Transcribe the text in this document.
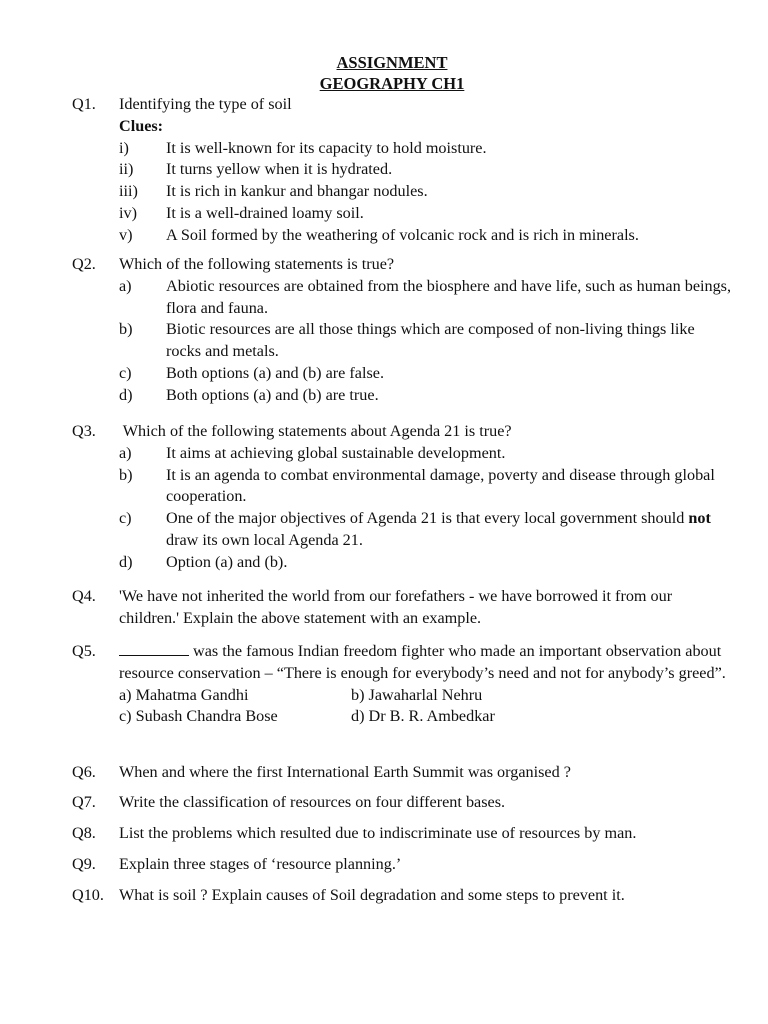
ASSIGNMENT
GEOGRAPHY CH1
Q1.	Identifying the type of soil
Clues:
i) It is well-known for its capacity to hold moisture.
ii) It turns yellow when it is hydrated.
iii) It is rich in kankur and bhangar nodules.
iv) It is a well-drained loamy soil.
v) A Soil formed by the weathering of volcanic rock and is rich in minerals.
Q2.	Which of the following statements is true?
a) Abiotic resources are obtained from the biosphere and have life, such as human beings, flora and fauna.
b) Biotic resources are all those things which are composed of non-living things like rocks and metals.
c) Both options (a) and (b) are false.
d) Both options (a) and (b) are true.
Q3.	Which of the following statements about Agenda 21 is true?
a) It aims at achieving global sustainable development.
b) It is an agenda to combat environmental damage, poverty and disease through global cooperation.
c) One of the major objectives of Agenda 21 is that every local government should not draw its own local Agenda 21.
d) Option (a) and (b).
Q4.	'We have not inherited the world from our forefathers - we have borrowed it from our children.' Explain the above statement with an example.
Q5.	was the famous Indian freedom fighter who made an important observation about resource conservation – “There is enough for everybody’s need and not for anybody’s greed”.
a) Mahatma Gandhi	b) Jawaharlal Nehru
c) Subash Chandra Bose	d) Dr B. R. Ambedkar
Q6.	When and where the first International Earth Summit was organised ?
Q7.	Write the classification of resources on four different bases.
Q8.	List the problems which resulted due to indiscriminate use of resources by man.
Q9.	Explain three stages of ‘resource planning.’
Q10. What is soil ? Explain causes of Soil degradation and some steps to prevent it.
